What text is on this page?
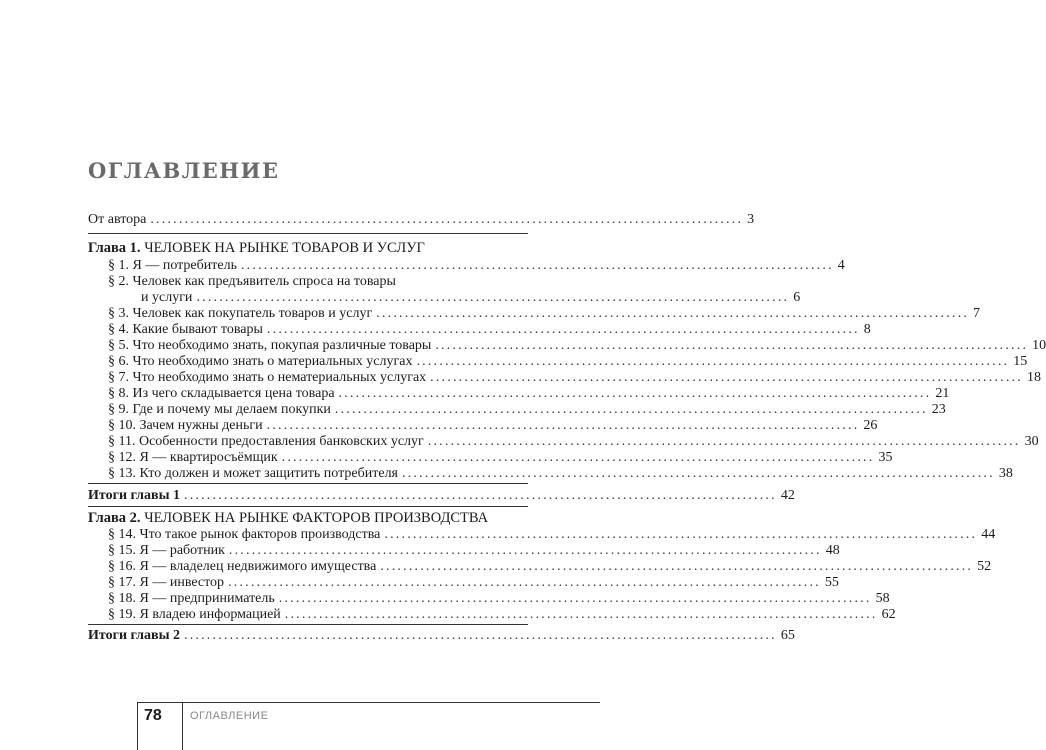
ОГЛАВЛЕНИЕ
От автора ........................................................................................................ 3
Глава 1. ЧЕЛОВЕК НА РЫНКЕ ТОВАРОВ И УСЛУГ
§ 1. Я — потребитель ........................................................................................................ 4
§ 2. Человек как предъявитель спроса на товары
и услуги ........................................................................................................ 6
§ 3. Человек как покупатель товаров и услуг ........................................................................................................ 7
§ 4. Какие бывают товары ........................................................................................................ 8
§ 5. Что необходимо знать, покупая различные товары ........................................................................................................ 10
§ 6. Что необходимо знать о материальных услугах ........................................................................................................ 15
§ 7. Что необходимо знать о нематериальных услугах ........................................................................................................ 18
§ 8. Из чего складывается цена товара ........................................................................................................ 21
§ 9. Где и почему мы делаем покупки ........................................................................................................ 23
§ 10. Зачем нужны деньги ........................................................................................................ 26
§ 11. Особенности предоставления банковских услуг ........................................................................................................ 30
§ 12. Я — квартиросъёмщик ........................................................................................................ 35
§ 13. Кто должен и может защитить потребителя ........................................................................................................ 38
Итоги главы 1 ........................................................................................................ 42
Глава 2. ЧЕЛОВЕК НА РЫНКЕ ФАКТОРОВ ПРОИЗВОДСТВА
§ 14. Что такое рынок факторов производства ........................................................................................................ 44
§ 15. Я — работник ........................................................................................................ 48
§ 16. Я — владелец недвижимого имущества ........................................................................................................ 52
§ 17. Я — инвестор ........................................................................................................ 55
§ 18. Я — предприниматель ........................................................................................................ 58
§ 19. Я владею информацией ........................................................................................................ 62
Итоги главы 2 ........................................................................................................ 65
78	ОГЛАВЛЕНИЕ
